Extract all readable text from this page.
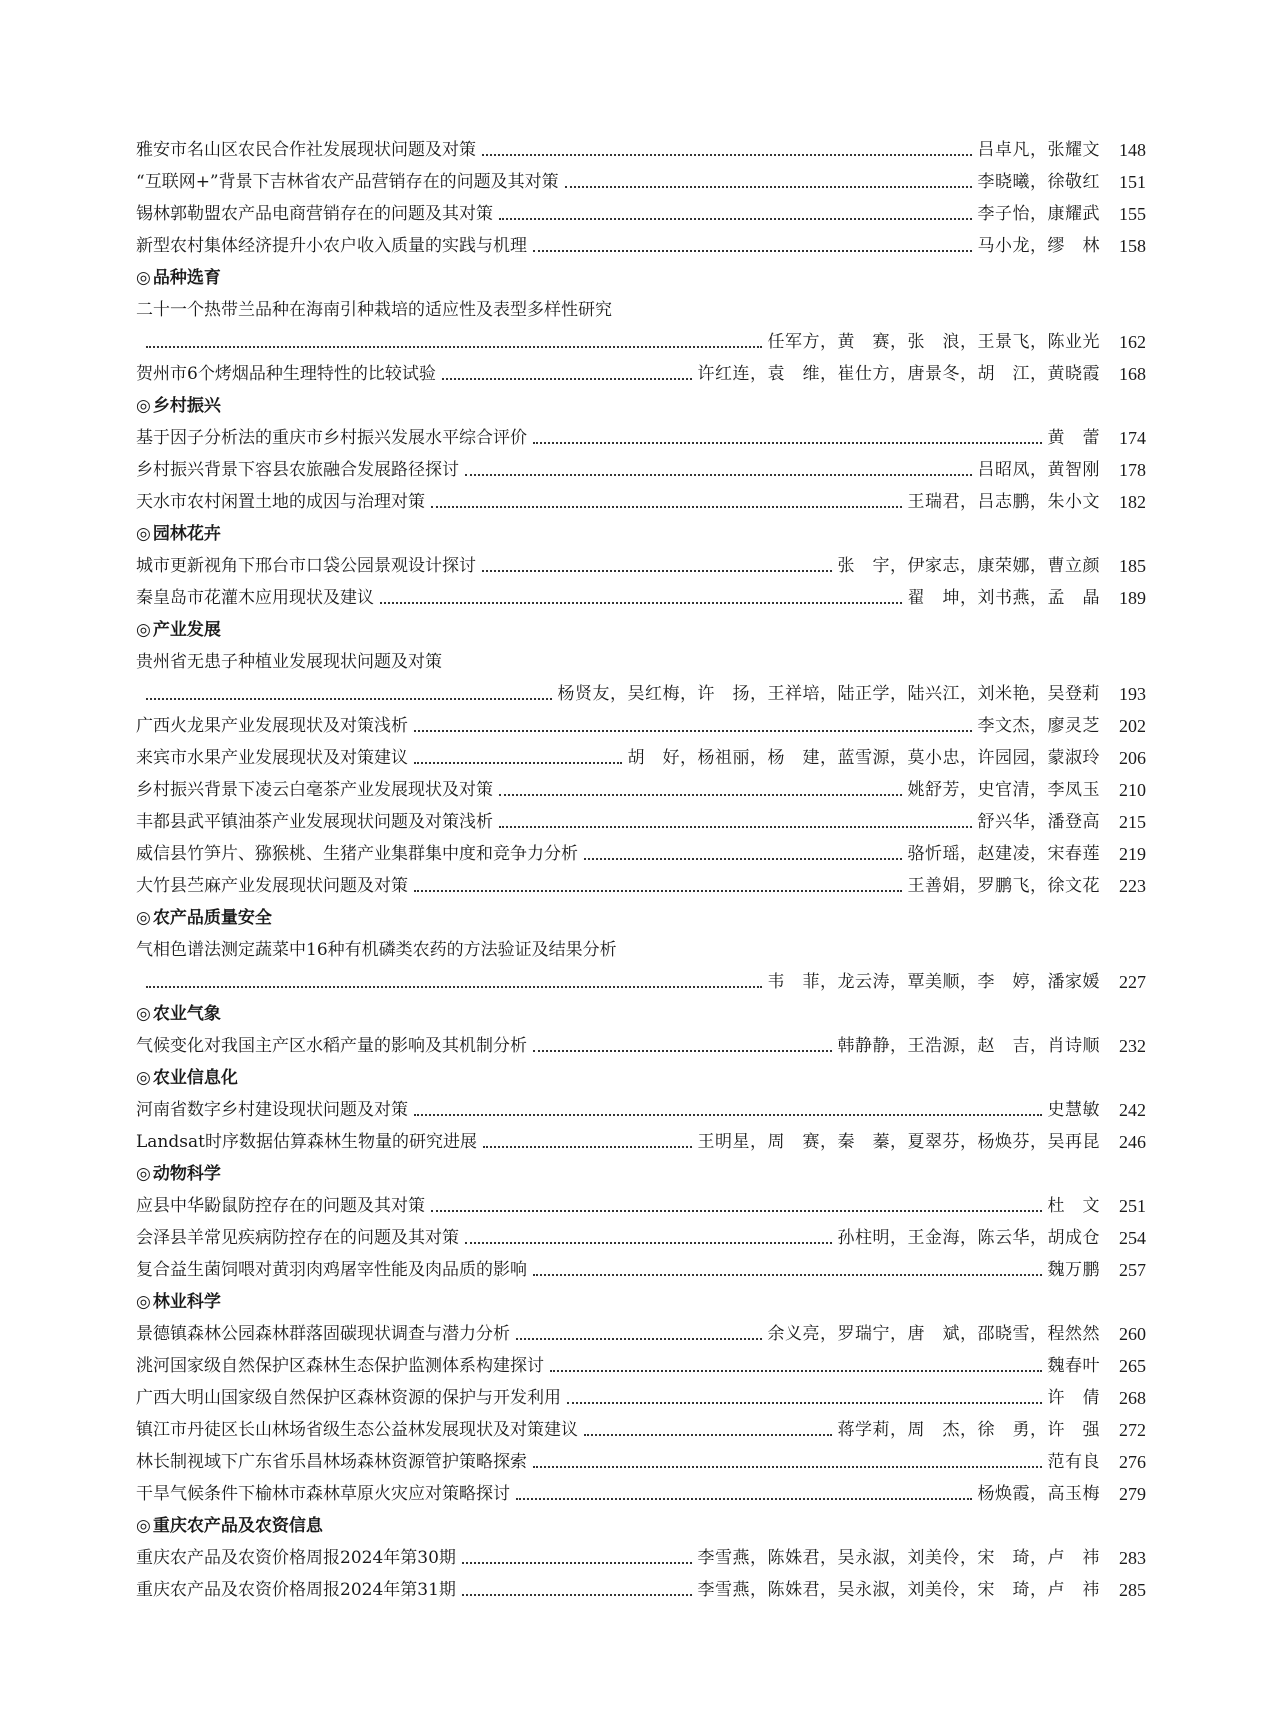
雅安市名山区农民合作社发展现状问题及对策	吕卓凡，张耀文	148
“互联网+”背景下吉林省农产品营销存在的问题及其对策	李晓曦，徐敬红	151
锡林郭勒盟农产品电商营销存在的问题及其对策	李子怡，康耀武	155
新型农村集体经济提升小农户收入质量的实践与机理	马小龙，缪　林	158
◎ 品种选育
二十一个热带兰品种在海南引种栽培的适应性及表型多样性研究
任军方，黄　赛，张　浪，王景飞，陈业光	162
贺州市6个烤烟品种生理特性的比较试验	许红连，袁　维，崔仕方，唐景冬，胡　江，黄晓霞	168
◎ 乡村振兴
基于因子分析法的重庆市乡村振兴发展水平综合评价	黄　蕾	174
乡村振兴背景下容县农旅融合发展路径探讨	吕昭凤，黄智刚	178
天水市农村闲置土地的成因与治理对策	王瑞君，吕志鹏，朱小文	182
◎ 园林花卉
城市更新视角下邢台市口袋公园景观设计探讨	张　宇，伊家志，康荣娜，曹立颜	185
秦皇岛市花灌木应用现状及建议	翟　坤，刘书燕，孟　晶	189
◎ 产业发展
贵州省无患子种植业发展现状问题及对策
杨贤友，吴红梅，许　扬，王祥培，陆正学，陆兴江，刘米艳，吴登莉	193
广西火龙果产业发展现状及对策浅析	李文杰，廖灵芝	202
来宾市水果产业发展现状及对策建议	胡　好，杨祖丽，杨　建，蓝雪源，莫小忠，许园园，蒙淑玲	206
乡村振兴背景下凌云白毫茶产业发展现状及对策	姚舒芳，史官清，李凤玉	210
丰都县武平镇油茶产业发展现状问题及对策浅析	舒兴华，潘登高	215
威信县竹笋片、猕猴桃、生猪产业集群集中度和竞争力分析	骆忻瑶，赵建凌，宋春莲	219
大竹县苎麻产业发展现状问题及对策	王善娟，罗鹏飞，徐文花	223
◎ 农产品质量安全
气相色谱法测定蔬菜中16种有机磷类农药的方法验证及结果分析
韦　菲，龙云涛，覃美顺，李　婷，潘家媛	227
◎ 农业气象
气候变化对我国主产区水稻产量的影响及其机制分析	韩静静，王浩源，赵　吉，肖诗顺	232
◎ 农业信息化
河南省数字乡村建设现状问题及对策	史慧敏	242
Landsat时序数据估算森林生物量的研究进展	王明星，周　赛，秦　蓁，夏翠芬，杨焕芬，吴再昆	246
◎ 动物科学
应县中华鼢鼠防控存在的问题及其对策	杜　文	251
会泽县羊常见疾病防控存在的问题及其对策	孙柱明，王金海，陈云华，胡成仓	254
复合益生菌饲喂对黄羽肉鸡屠宰性能及肉品质的影响	魏万鹏	257
◎ 林业科学
景德镇森林公园森林群落固碳现状调查与潜力分析	余义亮，罗瑞宁，唐　斌，邵晓雪，程然然	260
洮河国家级自然保护区森林生态保护监测体系构建探讨	魏春叶	265
广西大明山国家级自然保护区森林资源的保护与开发利用	许　倩	268
镇江市丹徒区长山林场省级生态公益林发展现状及对策建议	蒋学莉，周　杰，徐　勇，许　强	272
林长制视域下广东省乐昌林场森林资源管护策略探索	范有良	276
干旱气候条件下榆林市森林草原火灾应对策略探讨	杨焕霞，高玉梅	279
◎ 重庆农产品及农资信息
重庆农产品及农资价格周报2024年第30期	李雪燕，陈姝君，吴永淑，刘美伶，宋　琦，卢　祎	283
重庆农产品及农资价格周报2024年第31期	李雪燕，陈姝君，吴永淑，刘美伶，宋　琦，卢　祎	285
